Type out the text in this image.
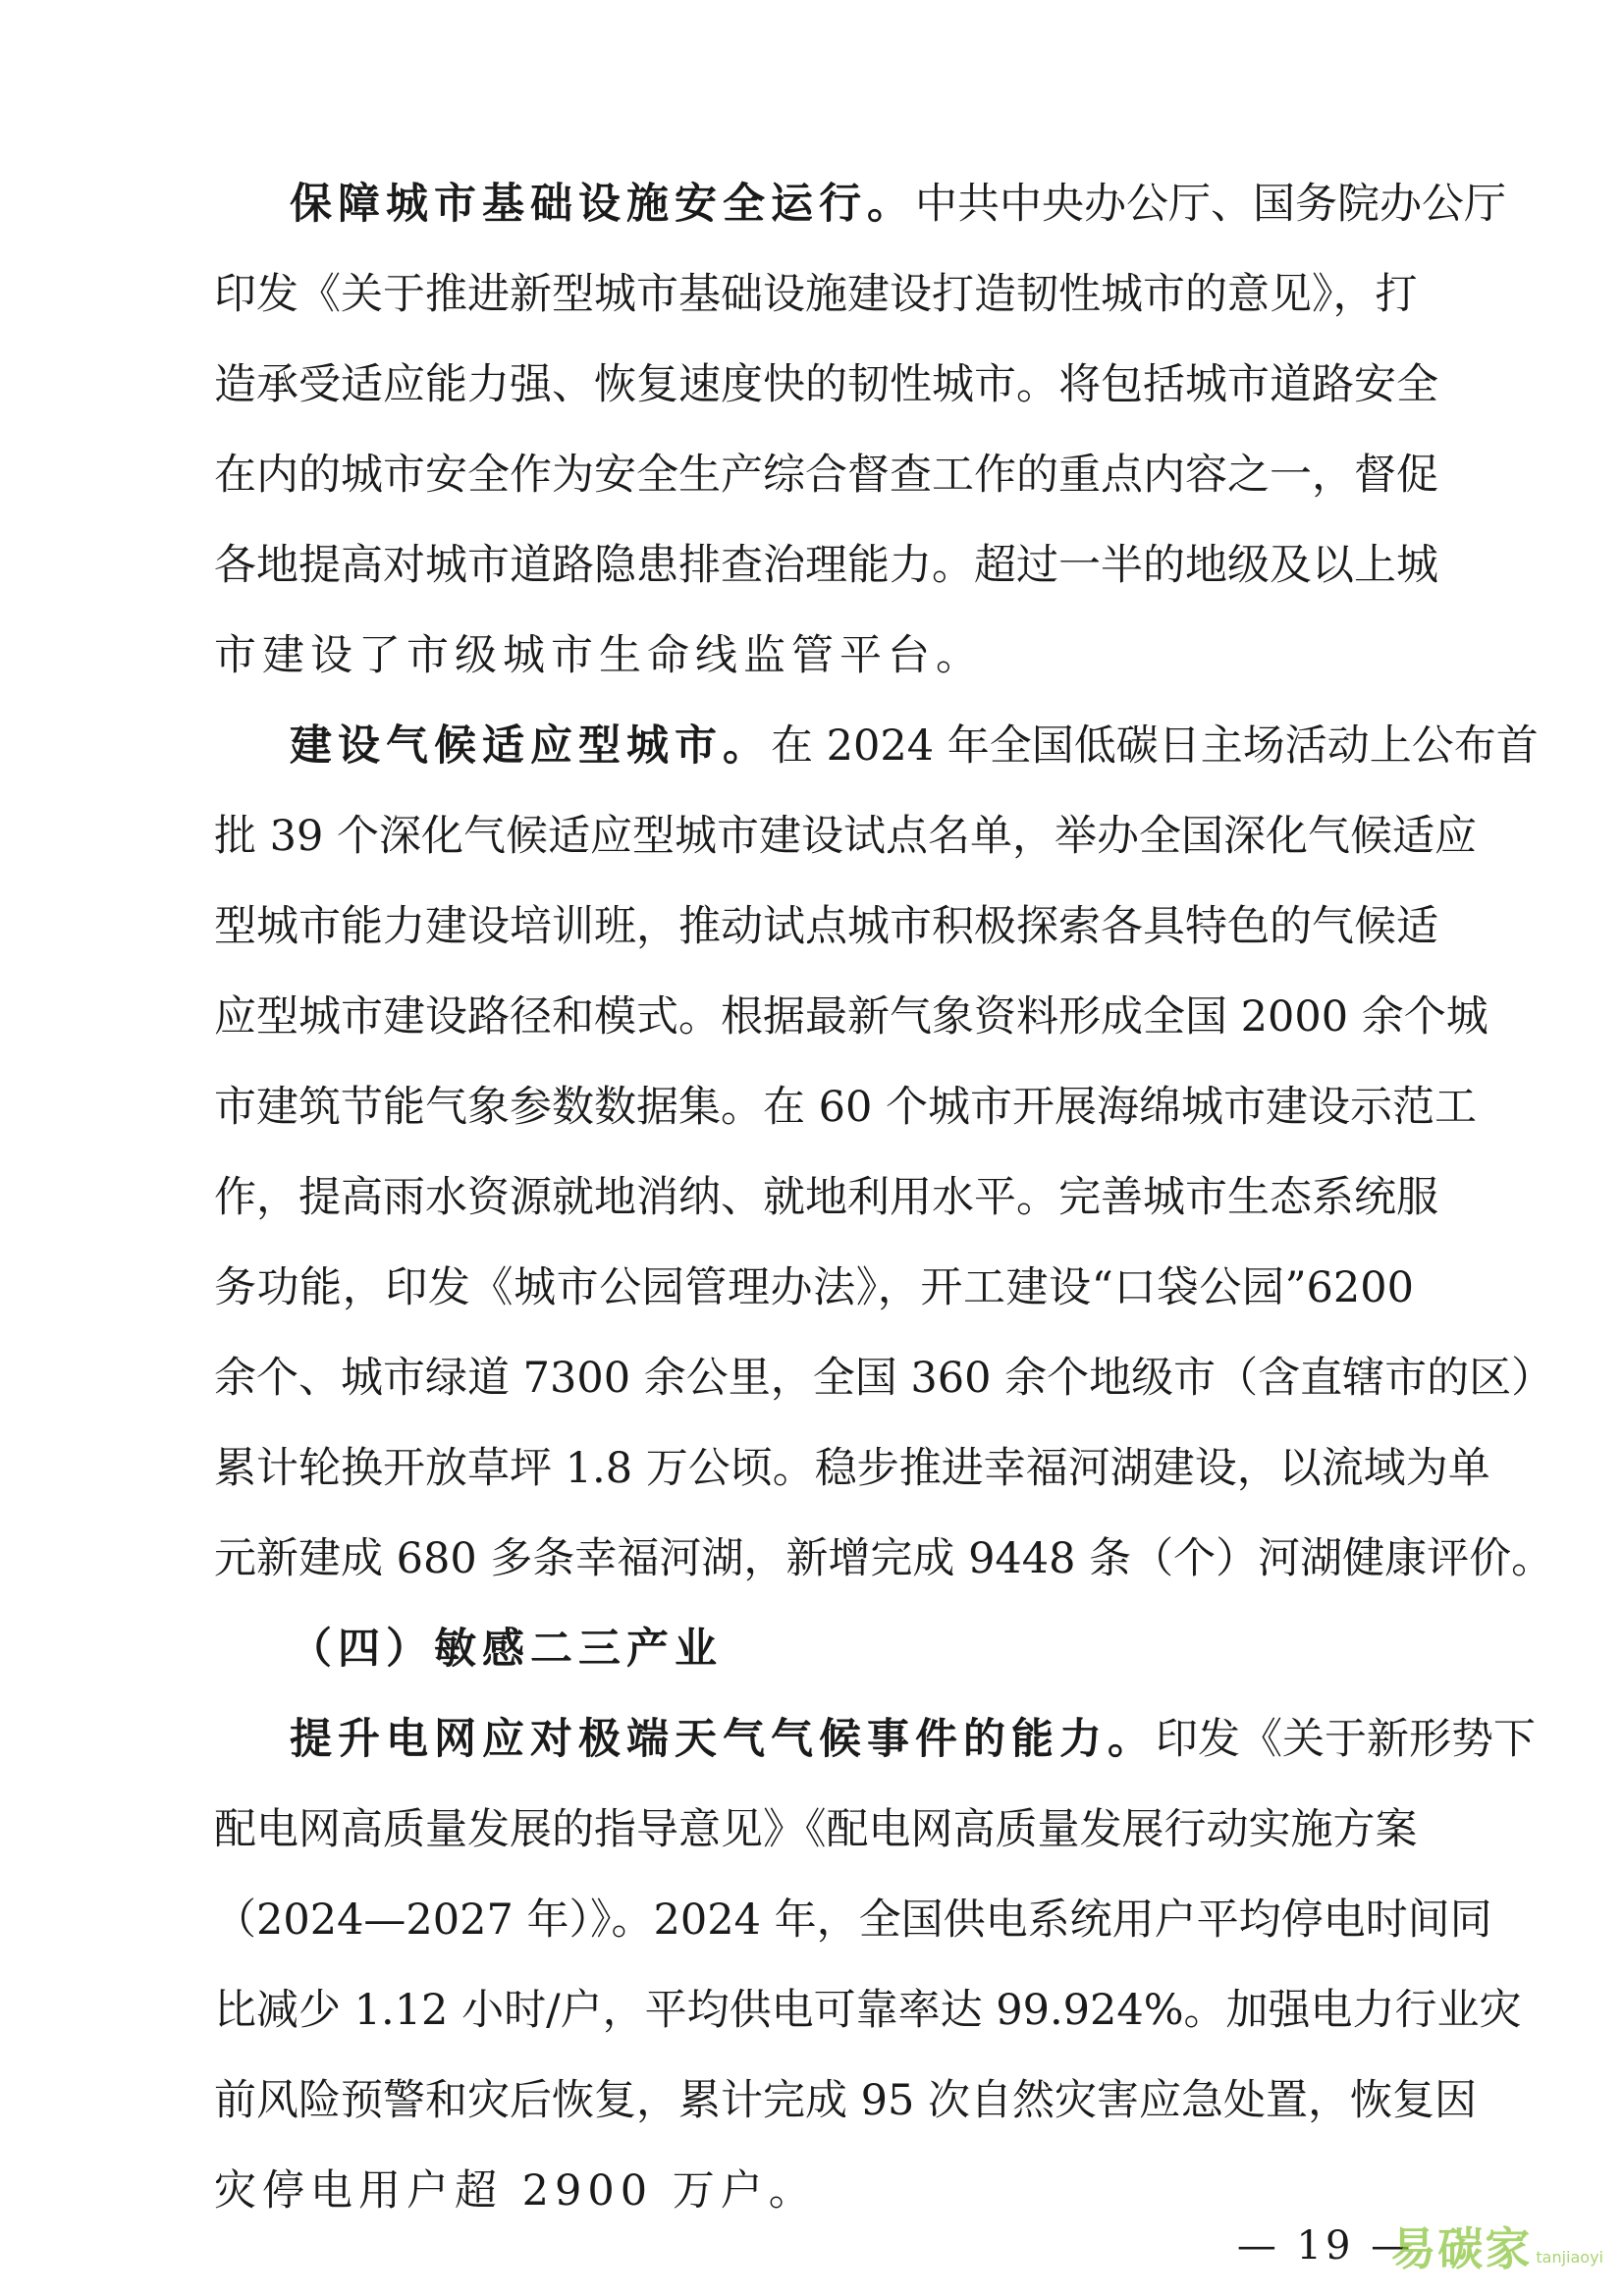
保障城市基础设施安全运行。中共中央办公厅、国务院办公厅
印发《关于推进新型城市基础设施建设打造韧性城市的意见》，打
造承受适应能力强、恢复速度快的韧性城市。将包括城市道路安全
在内的城市安全作为安全生产综合督查工作的重点内容之一，督促
各地提高对城市道路隐患排查治理能力。超过一半的地级及以上城
市建设了市级城市生命线监管平台。
建设气候适应型城市。在 2024 年全国低碳日主场活动上公布首
批 39 个深化气候适应型城市建设试点名单，举办全国深化气候适应
型城市能力建设培训班，推动试点城市积极探索各具特色的气候适
应型城市建设路径和模式。根据最新气象资料形成全国 2000 余个城
市建筑节能气象参数数据集。在 60 个城市开展海绵城市建设示范工
作，提高雨水资源就地消纳、就地利用水平。完善城市生态系统服
务功能，印发《城市公园管理办法》，开工建设“口袋公园”6200
余个、城市绿道 7300 余公里，全国 360 余个地级市（含直辖市的区）
累计轮换开放草坪 1.8 万公顷。稳步推进幸福河湖建设，以流域为单
元新建成 680 多条幸福河湖，新增完成 9448 条（个）河湖健康评价。
（四）敏感二三产业
提升电网应对极端天气气候事件的能力。印发《关于新形势下
配电网高质量发展的指导意见》《配电网高质量发展行动实施方案
（2024—2027 年）》。2024 年，全国供电系统用户平均停电时间同
比减少 1.12 小时/户，平均供电可靠率达 99.924%。加强电力行业灾
前风险预警和灾后恢复，累计完成 95 次自然灾害应急处置，恢复因
灾停电用户超 2900 万户。
— 19 —
易碳家 tanjiaoyi
